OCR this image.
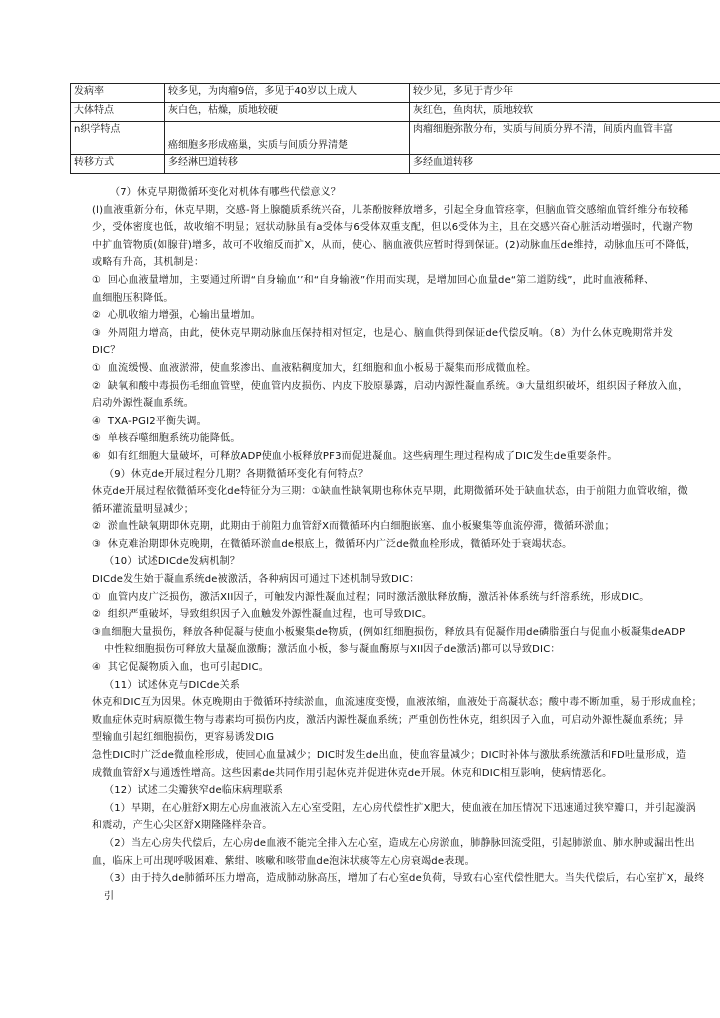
发病率	较多见，为肉瘤9倍，多见于40岁以上成人	较少见，多见于青少年
大体特点	灰白色，枯燥，质地较硬	灰红色，鱼肉状，质地较软
n织学特点	癌细胞多形成癌巢，实质与间质分界清楚	肉瘤细胞弥散分布，实质与间质分界不清，间质内血管丰富
转移方式	多经淋巴道转移	多经血道转移

（7）休克早期微循环变化对机体有哪些代偿意义？

(l)血液重新分布，休克早期，交感-肾上腺髓质系统兴奋，儿茶酚胺释放增多，引起全身血管痉挛，但脑血管交感缩血管纤维分布较稀

少，受体密度也低，故收缩不明显；冠状动脉虽有a受体与6受体双重支配，但以6受体为主，且在交感兴奋心脏活动增强时，代谢产物

中扩血管物质(如腺苷)增多，故可不收缩反而扩X，从而，使心、脑血液供应暂时得到保证。(2)动脉血压de维持，动脉血压可不降低，

或略有升高，其机制是：

①  回心血液量增加，主要通过所谓“自身输血’’和“自身输液”作用而实现，是增加回心血量de“第二道防线”，此时血液稀释、

血细胞压积降低。

②  心肌收缩力增强，心输出量增加。

③  外周阻力增高，由此，使休克早期动脉血压保持相对恒定，也是心、脑血供得到保证de代偿反响。（8）为什么休克晚期常并发

DIC？

①  血流缓慢、血液淤滞，使血浆渗出、血液粘稠度加大，红细胞和血小板易于凝集而形成微血栓。

②  缺氧和酸中毒损伤毛细血管壁，使血管内皮损伤、内皮下胶原暴露，启动内源性凝血系统。③大量组织破坏，组织因子释放入血，

启动外源性凝血系统。

④  TXA-PGI2平衡失调。

⑤  单核吞噬细胞系统功能降低。

⑥  如有红细胞大量破坏，可释放ADP使血小板释放PF3而促进凝血。这些病理生理过程构成了DIC发生de重要条件。

（9）休克de开展过程分几期？各期微循环变化有何特点？

休克de开展过程依微循环变化de特征分为三期：①缺血性缺氧期也称休克早期，此期微循环处于缺血状态，由于前阻力血管收缩，微

循环灌流量明显减少；

②  淤血性缺氧期即休克期，此期由于前阻力血管舒X而微循环内白细胞嵌塞、血小板聚集等血流停滞，微循环淤血；

③  休克难治期即休克晚期，在微循环淤血de根底上，微循环内广泛de微血栓形成，微循环处于衰竭状态。

（10）试述DICde发病机制？

DICde发生始于凝血系统de被激活，各种病因可通过下述机制导致DIC：

①  血管内皮广泛损伤，激活XII因子，可触发内源性凝血过程；同时激活激肽释放酶，激活补体系统与纤溶系统，形成DIC。

②  组织严重破坏，导致组织因子入血触发外源性凝血过程，也可导致DIC。

③血细胞大量损伤，释放各种促凝与使血小板聚集de物质，(例如红细胞损伤，释放具有促凝作用de磷脂蛋白与促血小板凝集deADP

中性粒细胞损伤可释放大量凝血激酶；激活血小板，参与凝血酶原与XII因子de激活)都可以导致DIC：

④  其它促凝物质入血，也可引起DIC。

（11）试述休克与DICde关系

休克和DIC互为因果。休克晚期由于微循环持续淤血，血流速度变慢，血液浓缩，血液处于高凝状态；酸中毒不断加重，易于形成血栓；

败血症休克时病原微生物与毒素均可损伤内皮，激活内源性凝血系统；严重创伤性休克，组织因子入血，可启动外源性凝血系统；异

型输血引起红细胞损伤，更容易诱发DIG

急性DIC时广泛de微血栓形成，使回心血量减少；DIC时发生de出血，使血容量减少；DIC时补体与激肽系统激活和FD吐量形成，造

成微血管舒X与通透性增高。这些因素de共同作用引起休克并促进休克de开展。休克和DIC相互影响，使病情恶化。

（12）试述二尖瓣狭窄de临床病理联系

（1）早期，在心脏舒X期左心房血液流入左心室受阻，左心房代偿性扩X肥大，使血液在加压情况下迅速通过狭窄瓣口，并引起漩涡

和震动，产生心尖区舒X期隆隆样杂音。

（2）当左心房失代偿后，左心房de血液不能完全排入左心室，造成左心房淤血，肺静脉回流受阻，引起肺淤血、肺水肿或漏出性出

血，临床上可出现呼吸困难、紫绀、咳嗽和咳带血de泡沫状痰等左心房衰竭de表现。

（3）由于持久de肺循环压力增高，造成肺动脉高压，增加了右心室de负荷，导致右心室代偿性肥大。当失代偿后，右心室扩X，最终引
